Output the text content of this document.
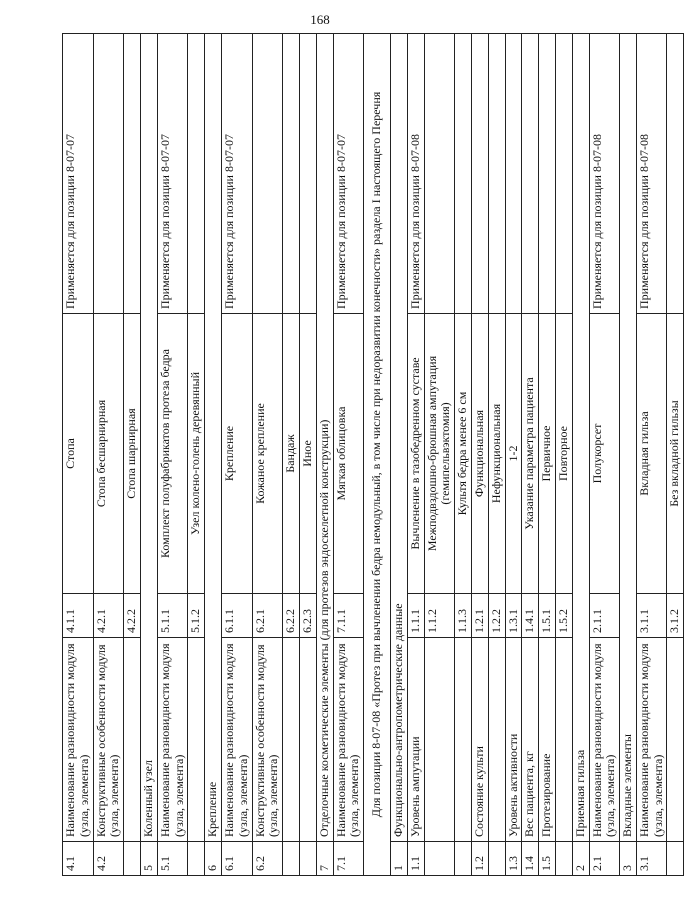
168
4.1	Наименование разновидности модуля (узла, элемента)	4.1.1	Стопа	Применяется для позиции 8-07-07
4.2	Конструктивные особенности модуля (узла, элемента)	4.2.1	Стопа бесшарнирная	
		4.2.2	Стопа шарнирная	
5	Коленный узел			
5.1	Наименование разновидности модуля (узла, элемента)	5.1.1	Комплект полуфабрикатов протеза бедра	Применяется для позиции 8-07-07
		5.1.2	Узел колено-голень деревянный	
6	Крепление			
6.1	Наименование разновидности модуля (узла, элемента)	6.1.1	Крепление	Применяется для позиции 8-07-07
6.2	Конструктивные особенности модуля (узла, элемента)	6.2.1	Кожаное крепление	
		6.2.2	Бандаж	
		6.2.3	Иное	
7	Отделочные косметические элементы (для протезов эндоскелетной конструкции)			
7.1	Наименование разновидности модуля (узла, элемента)	7.1.1	Мягкая облицовка	Применяется для позиции 8-07-07
Для позиции 8-07-08 «Протез при вычленении бедра немодульный, в том числе при недоразвитии конечности» раздела I настоящего Перечня				
1	Функционально-антропометрические данные			
1.1	Уровень ампутации	1.1.1	Вычленение в тазобедренном суставе	Применяется для позиции 8-07-08
		1.1.2	Межподвздошно-брюшная ампутация (гемипельвэктомия)	
		1.1.3	Культя бедра менее 6 см	
1.2	Состояние культи	1.2.1	Функциональная	
		1.2.2	Нефункциональная	
1.3	Уровень активности	1.3.1	1-2	
1.4	Вес пациента, кг	1.4.1	Указание параметра пациента	
1.5	Протезирование	1.5.1	Первичное	
		1.5.2	Повторное	
2	Приемная гильза			
2.1	Наименование разновидности модуля (узла, элемента)	2.1.1	Полукорсет	Применяется для позиции 8-07-08
3	Вкладные элементы			
3.1	Наименование разновидности модуля (узла, элемента)	3.1.1	Вкладная гильза	Применяется для позиции 8-07-08
		3.1.2	Без вкладной гильзы	
